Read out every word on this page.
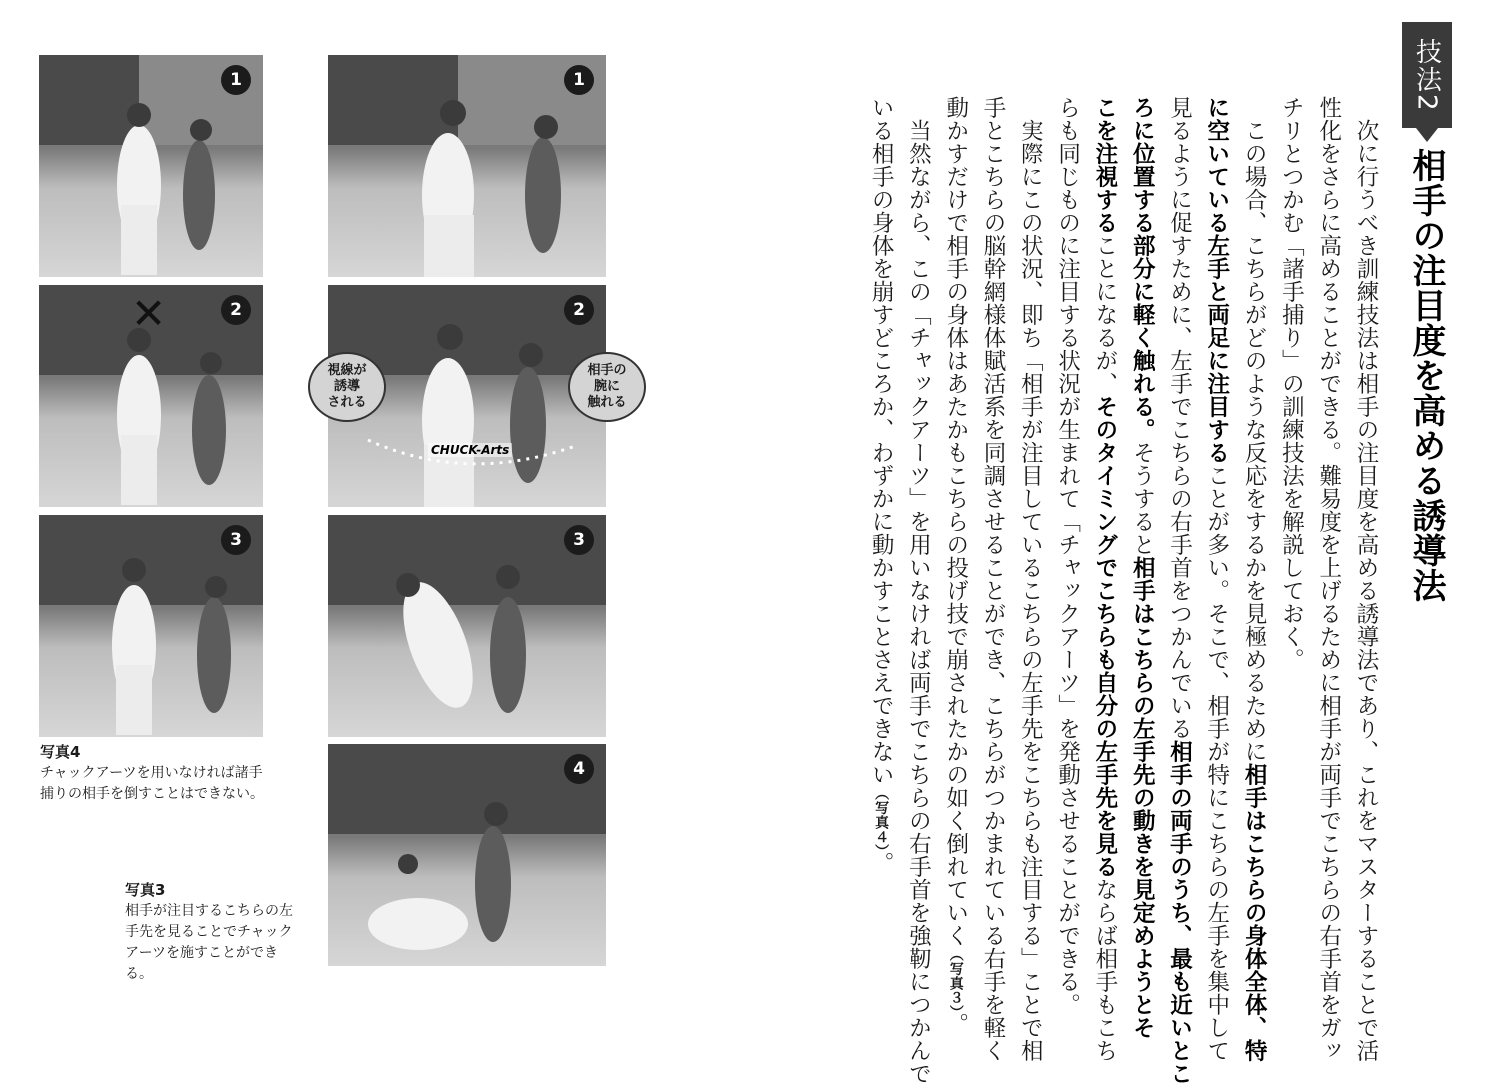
1
✕	2
3
1
2
CHUCK-Arts
3
4
視線が
誘導
される
相手の
腕に
触れる
写真4
チャックアーツを用いなければ諸手捕りの相手を倒すことはできない。
写真3
相手が注目するこちらの左手先を見ることでチャックアーツを施すことができる。
技法2
相手の注目度を高める誘導法
　次に行うべき訓練技法は相手の注目度を高める誘導法であり、これをマスターすることで活
性化をさらに高めることができる。難易度を上げるために相手が両手でこちらの右手首をガッ
チリとつかむ「諸手捕り」の訓練技法を解説しておく。
　この場合、こちらがどのような反応をするかを見極めるために相手はこちらの身体全体、特
に空いている左手と両足に注目することが多い。そこで、相手が特にこちらの左手を集中して
見るように促すために、左手でこちらの右手首をつかんでいる相手の両手のうち、最も近いとこ
ろに位置する部分に軽く触れる。そうすると相手はこちらの左手先の動きを見定めようとそ
こを注視することになるが、そのタイミングでこちらも自分の左手先を見るならば相手もこち
らも同じものに注目する状況が生まれて「チャックアーツ」を発動させることができる。
　実際にこの状況、即ち「相手が注目しているこちらの左手先をこちらも注目する」ことで相
手とこちらの脳幹網様体賦活系を同調させることができ、こちらがつかまれている右手を軽く
動かすだけで相手の身体はあたかもこちらの投げ技で崩されたかの如く倒れていく（写真３）。
　当然ながら、この「チャックアーツ」を用いなければ両手でこちらの右手首を強靭につかんで
いる相手の身体を崩すどころか、わずかに動かすことさえできない（写真４）。
